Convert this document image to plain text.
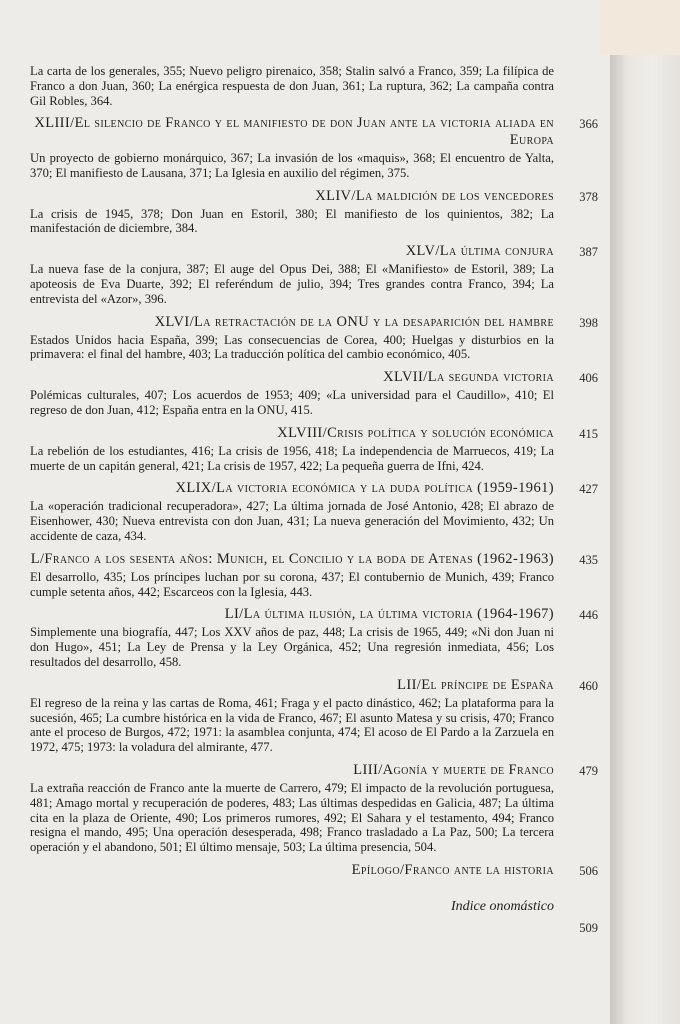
La carta de los generales, 355; Nuevo peligro pirenaico, 358; Stalin salvó a Franco, 359; La filípica de Franco a don Juan, 360; La enérgica respuesta de don Juan, 361; La ruptura, 362; La campaña contra Gil Robles, 364.

XLIII/El silencio de Franco y el manifiesto de don Juan ante la victoria aliada en Europa
366

Un proyecto de gobierno monárquico, 367; La invasión de los «maquis», 368; El encuentro de Yalta, 370; El manifiesto de Lausana, 371; La Iglesia en auxilio del régimen, 375.

XLIV/La maldición de los vencedores	378

La crisis de 1945, 378; Don Juan en Estoril, 380; El manifiesto de los quinientos, 382; La manifestación de diciembre, 384.

XLV/La última conjura	387

La nueva fase de la conjura, 387; El auge del Opus Dei, 388; El «Manifiesto» de Estoril, 389; La apoteosis de Eva Duarte, 392; El referéndum de julio, 394; Tres grandes contra Franco, 394; La entrevista del «Azor», 396.

XLVI/La retractación de la ONU y la desaparición del hambre	398

Estados Unidos hacia España, 399; Las consecuencias de Corea, 400; Huelgas y disturbios en la primavera: el final del hambre, 403; La traducción política del cambio económico, 405.

XLVII/La segunda victoria	406

Polémicas culturales, 407; Los acuerdos de 1953; 409; «La universidad para el Caudillo», 410; El regreso de don Juan, 412; España entra en la ONU, 415.

XLVIII/Crisis política y solución económica	415

La rebelión de los estudiantes, 416; La crisis de 1956, 418; La independencia de Marruecos, 419; La muerte de un capitán general, 421; La crisis de 1957, 422; La pequeña guerra de Ifni, 424.

XLIX/La victoria económica y la duda política (1959-1961)	427

La «operación tradicional recuperadora», 427; La última jornada de José Antonio, 428; El abrazo de Eisenhower, 430; Nueva entrevista con don Juan, 431; La nueva generación del Movimiento, 432; Un accidente de caza, 434.

L/Franco a los sesenta años: Munich, el Concilio y la boda de Atenas (1962-1963)	435

El desarrollo, 435; Los príncipes luchan por su corona, 437; El contubernio de Munich, 439; Franco cumple setenta años, 442; Escarceos con la Iglesia, 443.

LI/La última ilusión, la última victoria (1964-1967)	446

Simplemente una biografía, 447; Los XXV años de paz, 448; La crisis de 1965, 449; «Ni don Juan ni don Hugo», 451; La Ley de Prensa y la Ley Orgánica, 452; Una regresión inmediata, 456; Los resultados del desarrollo, 458.

LII/El príncipe de España	460

El regreso de la reina y las cartas de Roma, 461; Fraga y el pacto dinástico, 462; La plataforma para la sucesión, 465; La cumbre histórica en la vida de Franco, 467; El asunto Matesa y su crisis, 470; Franco ante el proceso de Burgos, 472; 1971: la asamblea conjunta, 474; El acoso de El Pardo a la Zarzuela en 1972, 475; 1973: la voladura del almirante, 477.

LIII/Agonía y muerte de Franco	479

La extraña reacción de Franco ante la muerte de Carrero, 479; El impacto de la revolución portuguesa, 481; Amago mortal y recuperación de poderes, 483; Las últimas despedidas en Galicia, 487; La última cita en la plaza de Oriente, 490; Los primeros rumores, 492; El Sahara y el testamento, 494; Franco resigna el mando, 495; Una operación desesperada, 498; Franco trasladado a La Paz, 500; La tercera operación y el abandono, 501; El último mensaje, 503; La última presencia, 504.

Epílogo/Franco ante la historia	506
Indice onomástico
509
